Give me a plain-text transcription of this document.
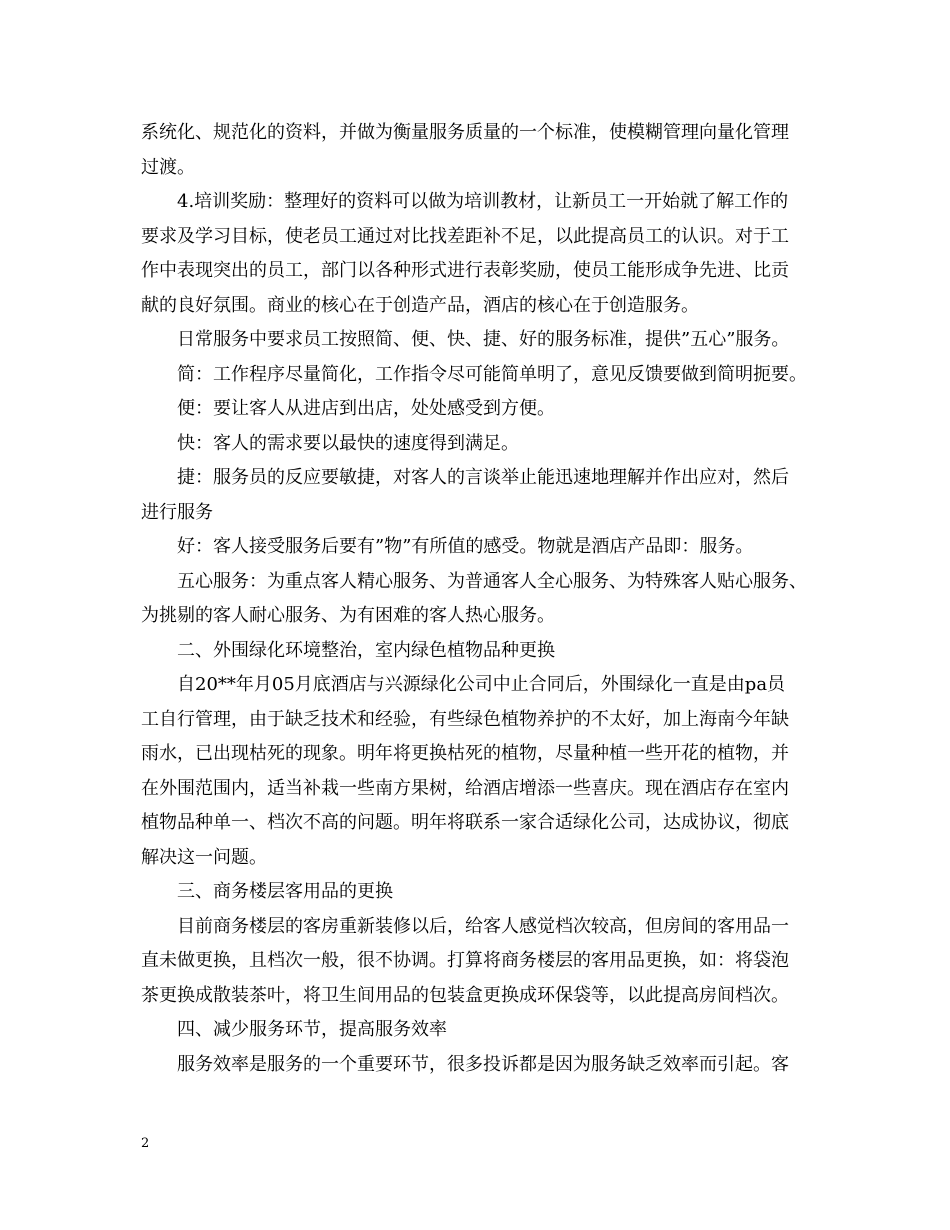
系统化、规范化的资料，并做为衡量服务质量的一个标准，使模糊管理向量化管理
过渡。
4.培训奖励：整理好的资料可以做为培训教材，让新员工一开始就了解工作的
要求及学习目标，使老员工通过对比找差距补不足，以此提高员工的认识。对于工
作中表现突出的员工，部门以各种形式进行表彰奖励，使员工能形成争先进、比贡
献的良好氛围。商业的核心在于创造产品，酒店的核心在于创造服务。
日常服务中要求员工按照简、便、快、捷、好的服务标准，提供”五心”服务。
简：工作程序尽量简化，工作指令尽可能简单明了，意见反馈要做到简明扼要。
便：要让客人从进店到出店，处处感受到方便。
快：客人的需求要以最快的速度得到满足。
捷：服务员的反应要敏捷，对客人的言谈举止能迅速地理解并作出应对，然后
进行服务
好：客人接受服务后要有”物”有所值的感受。物就是酒店产品即：服务。
五心服务：为重点客人精心服务、为普通客人全心服务、为特殊客人贴心服务、
为挑剔的客人耐心服务、为有困难的客人热心服务。
二、外围绿化环境整治，室内绿色植物品种更换
自20**年月05月底酒店与兴源绿化公司中止合同后，外围绿化一直是由pa员
工自行管理，由于缺乏技术和经验，有些绿色植物养护的不太好，加上海南今年缺
雨水，已出现枯死的现象。明年将更换枯死的植物，尽量种植一些开花的植物，并
在外围范围内，适当补栽一些南方果树，给酒店增添一些喜庆。现在酒店存在室内
植物品种单一、档次不高的问题。明年将联系一家合适绿化公司，达成协议，彻底
解决这一问题。
三、商务楼层客用品的更换
目前商务楼层的客房重新装修以后，给客人感觉档次较高，但房间的客用品一
直未做更换，且档次一般，很不协调。打算将商务楼层的客用品更换，如：将袋泡
茶更换成散装茶叶，将卫生间用品的包装盒更换成环保袋等，以此提高房间档次。
四、减少服务环节，提高服务效率
服务效率是服务的一个重要环节，很多投诉都是因为服务缺乏效率而引起。客
2
